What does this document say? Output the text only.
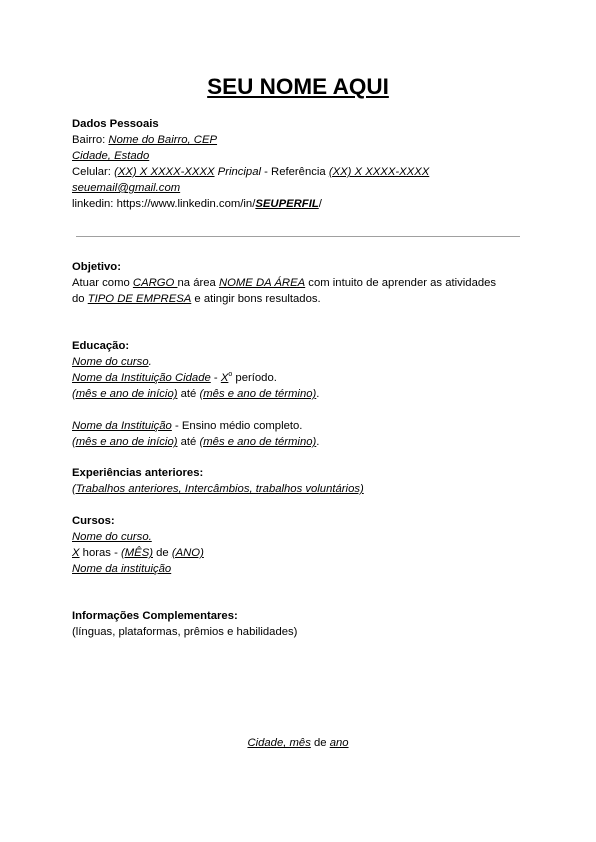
SEU NOME AQUI
Dados Pessoais
Bairro: Nome do Bairro, CEP
Cidade, Estado
Celular: (XX) X XXXX-XXXX Principal - Referência (XX) X XXXX-XXXX
seuemail@gmail.com
linkedin: https://www.linkedin.com/in/SEUPERFIL/
Objetivo:
Atuar como CARGO na área NOME DA ÁREA com intuito de aprender as atividades
do TIPO DE EMPRESA e atingir bons resultados.
Educação:
Nome do curso.
Nome da Instituição Cidade - $X^o$ período.
(mês e ano de início) até (mês e ano de término).
Nome da Instituição - Ensino médio completo.
(mês e ano de início) até (mês e ano de término).
Experiências anteriores:
(Trabalhos anteriores, Intercâmbios, trabalhos voluntários)
Cursos:
Nome do curso.
X horas - (MÊS) de (ANO)
Nome da instituição
Informações Complementares:
(línguas, plataformas, prêmios e habilidades)
Cidade, mês de ano
